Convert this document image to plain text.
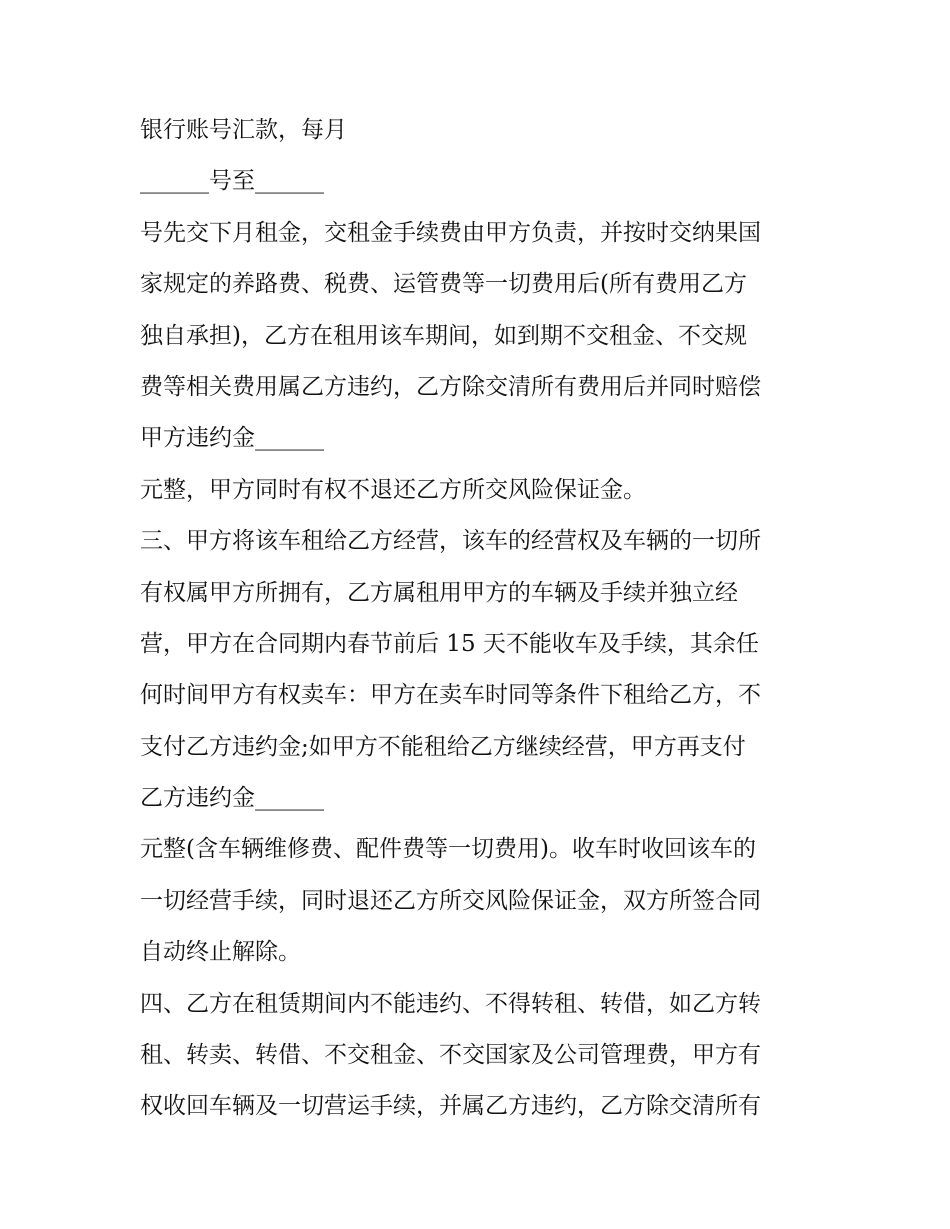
银行账号汇款，每月
______号至______
号先交下月租金，交租金手续费由甲方负责，并按时交纳果国
家规定的养路费、税费、运管费等一切费用后(所有费用乙方
独自承担)，乙方在租用该车期间，如到期不交租金、不交规
费等相关费用属乙方违约，乙方除交清所有费用后并同时赔偿
甲方违约金______
元整，甲方同时有权不退还乙方所交风险保证金。
三、甲方将该车租给乙方经营，该车的经营权及车辆的一切所
有权属甲方所拥有，乙方属租用甲方的车辆及手续并独立经
营，甲方在合同期内春节前后 15 天不能收车及手续，其余任
何时间甲方有权卖车：甲方在卖车时同等条件下租给乙方，不
支付乙方违约金;如甲方不能租给乙方继续经营，甲方再支付
乙方违约金______
元整(含车辆维修费、配件费等一切费用)。收车时收回该车的
一切经营手续，同时退还乙方所交风险保证金，双方所签合同
自动终止解除。
四、乙方在租赁期间内不能违约、不得转租、转借，如乙方转
租、转卖、转借、不交租金、不交国家及公司管理费，甲方有
权收回车辆及一切营运手续，并属乙方违约，乙方除交清所有
